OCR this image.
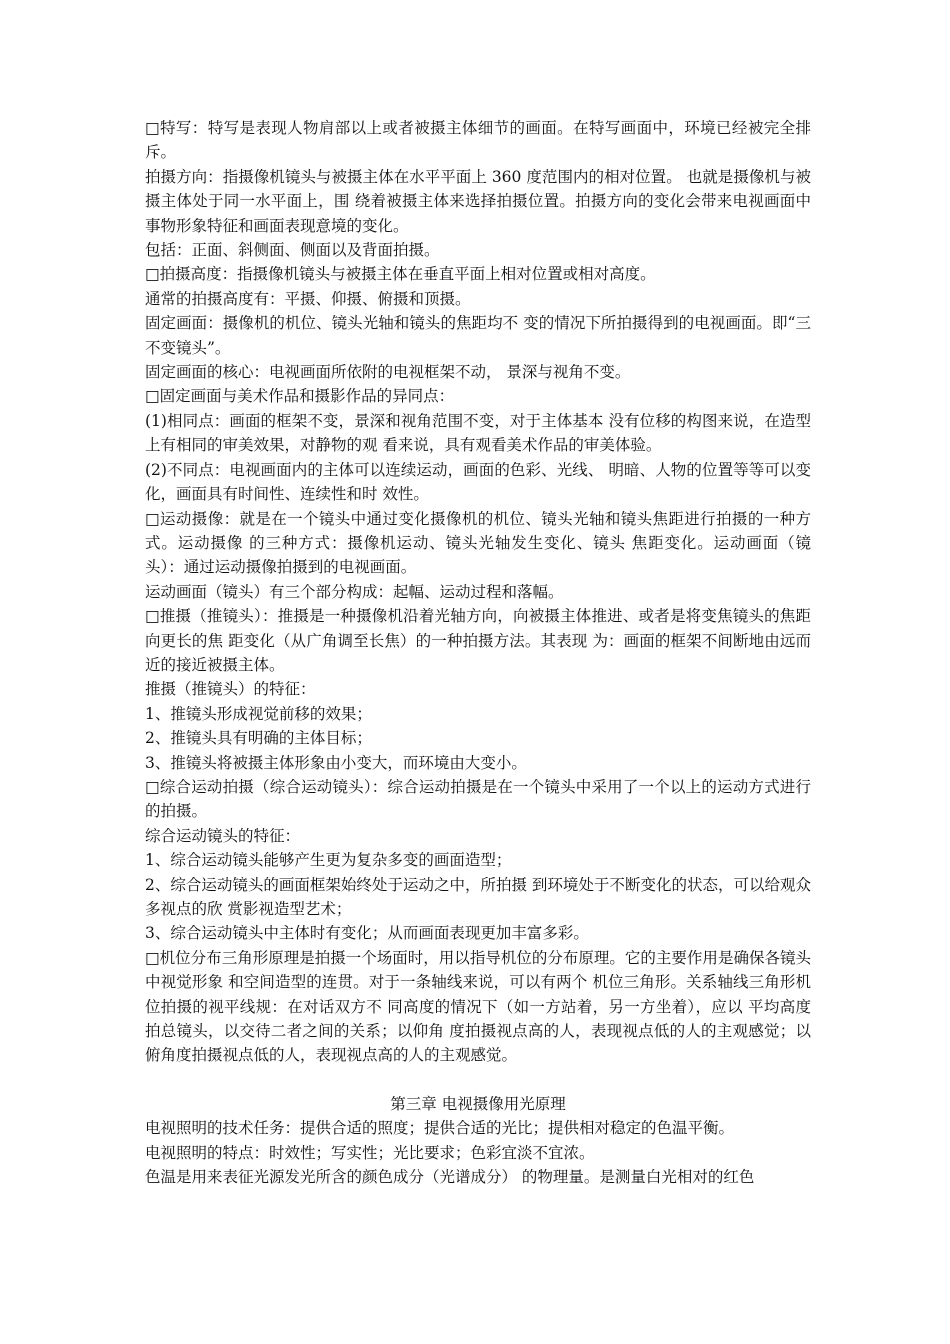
□特写：特写是表现人物肩部以上或者被摄主体细节的画面。在特写画面中，环境已经被完全排斥。

拍摄方向：指摄像机镜头与被摄主体在水平平面上 360 度范围内的相对位置。 也就是摄像机与被摄主体处于同一水平面上，围 绕着被摄主体来选择拍摄位置。拍摄方向的变化会带来电视画面中事物形象特征和画面表现意境的变化。

包括：正面、斜侧面、侧面以及背面拍摄。

□拍摄高度：指摄像机镜头与被摄主体在垂直平面上相对位置或相对高度。

通常的拍摄高度有：平摄、仰摄、俯摄和顶摄。

固定画面：摄像机的机位、镜头光轴和镜头的焦距均不 变的情况下所拍摄得到的电视画面。即“三不变镜头”。

固定画面的核心：电视画面所依附的电视框架不动， 景深与视角不变。

□固定画面与美术作品和摄影作品的异同点：

(1)相同点：画面的框架不变，景深和视角范围不变，对于主体基本 没有位移的构图来说，在造型上有相同的审美效果，对静物的观 看来说，具有观看美术作品的审美体验。

(2)不同点：电视画面内的主体可以连续运动，画面的色彩、光线、 明暗、人物的位置等等可以变化，画面具有时间性、连续性和时 效性。

□运动摄像：就是在一个镜头中通过变化摄像机的机位、镜头光轴和镜头焦距进行拍摄的一种方式。运动摄像 的三种方式：摄像机运动、镜头光轴发生变化、镜头 焦距变化。运动画面（镜头）：通过运动摄像拍摄到的电视画面。

运动画面（镜头）有三个部分构成：起幅、运动过程和落幅。

□推摄（推镜头）：推摄是一种摄像机沿着光轴方向，向被摄主体推进、或者是将变焦镜头的焦距向更长的焦 距变化（从广角调至长焦）的一种拍摄方法。其表现 为：画面的框架不间断地由远而近的接近被摄主体。

推摄（推镜头）的特征：

1、推镜头形成视觉前移的效果；

2、推镜头具有明确的主体目标；

3、推镜头将被摄主体形象由小变大，而环境由大变小。

□综合运动拍摄（综合运动镜头）：综合运动拍摄是在一个镜头中采用了一个以上的运动方式进行的拍摄。

综合运动镜头的特征：

1、综合运动镜头能够产生更为复杂多变的画面造型；

2、综合运动镜头的画面框架始终处于运动之中，所拍摄 到环境处于不断变化的状态，可以给观众多视点的欣 赏影视造型艺术；

3、综合运动镜头中主体时有变化；从而画面表现更加丰富多彩。

□机位分布三角形原理是拍摄一个场面时，用以指导机位的分布原理。它的主要作用是确保各镜头中视觉形象 和空间造型的连贯。对于一条轴线来说，可以有两个 机位三角形。关系轴线三角形机位拍摄的视平线规：在对话双方不 同高度的情况下（如一方站着，另一方坐着），应以 平均高度拍总镜头，以交待二者之间的关系；以仰角 度拍摄视点高的人，表现视点低的人的主观感觉；以 俯角度拍摄视点低的人，表现视点高的人的主观感觉。

第三章 电视摄像用光原理

电视照明的技术任务：提供合适的照度；提供合适的光比；提供相对稳定的色温平衡。

电视照明的特点：时效性；写实性；光比要求；色彩宜淡不宜浓。

色温是用来表征光源发光所含的颜色成分（光谱成分） 的物理量。是测量白光相对的红色
